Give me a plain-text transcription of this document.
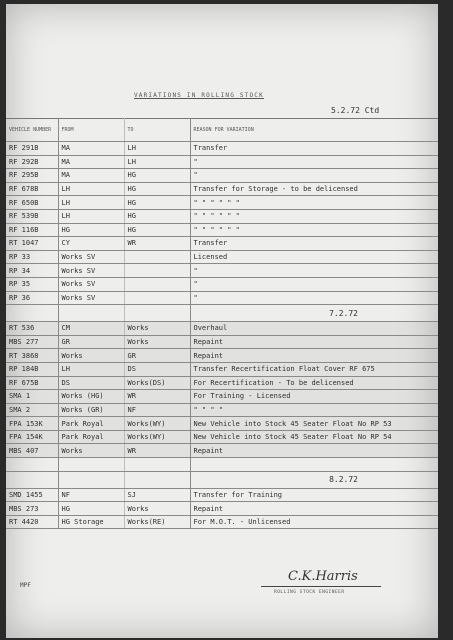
VARIATIONS IN ROLLING STOCK
5.2.72 Ctd
VEHICLE NUMBER	FROM	TO	REASON FOR VARIATION
RF 291B	MA	LH	Transfer
RF 292B	MA	LH	"
RF 295B	MA	HG	"
RF 678B	LH	HG	Transfer for Storage - to be delicensed
RF 650B	LH	HG	" " " " " "
RF 539B	LH	HG	" " " " " "
RF 116B	HG	HG	" " " " " "
RT 1047	CY	WR	Transfer
RP 33	Works SV		Licensed
RP 34	Works SV		"
RP 35	Works SV		"
RP 36	Works SV		"
			7.2.72
RT 536	CM	Works	Overhaul
MBS 277	GR	Works	Repaint
RT 3868	Works	GR	Repaint
RP 184B	LH	DS	Transfer Recertification Float Cover RF 675
RF 675B	DS	Works(DS)	For Recertification - To be delicensed
SMA 1	Works (HG)	WR	For Training - Licensed
SMA 2	Works (GR)	NF	" " " "
FPA 153K	Park Royal	Works(WY)	New Vehicle into Stock 45 Seater Float No RP 53
FPA 154K	Park Royal	Works(WY)	New Vehicle into Stock 45 Seater Float No RP 54
MBS 407	Works	WR	Repaint

			8.2.72
SMD 1455	NF	SJ	Transfer for Training
MBS 273	HG	Works	Repaint
RT 4420	HG Storage	Works(RE)	For M.O.T. - Unlicensed
MPF
C.K.Harris
ROLLING STOCK ENGINEER
